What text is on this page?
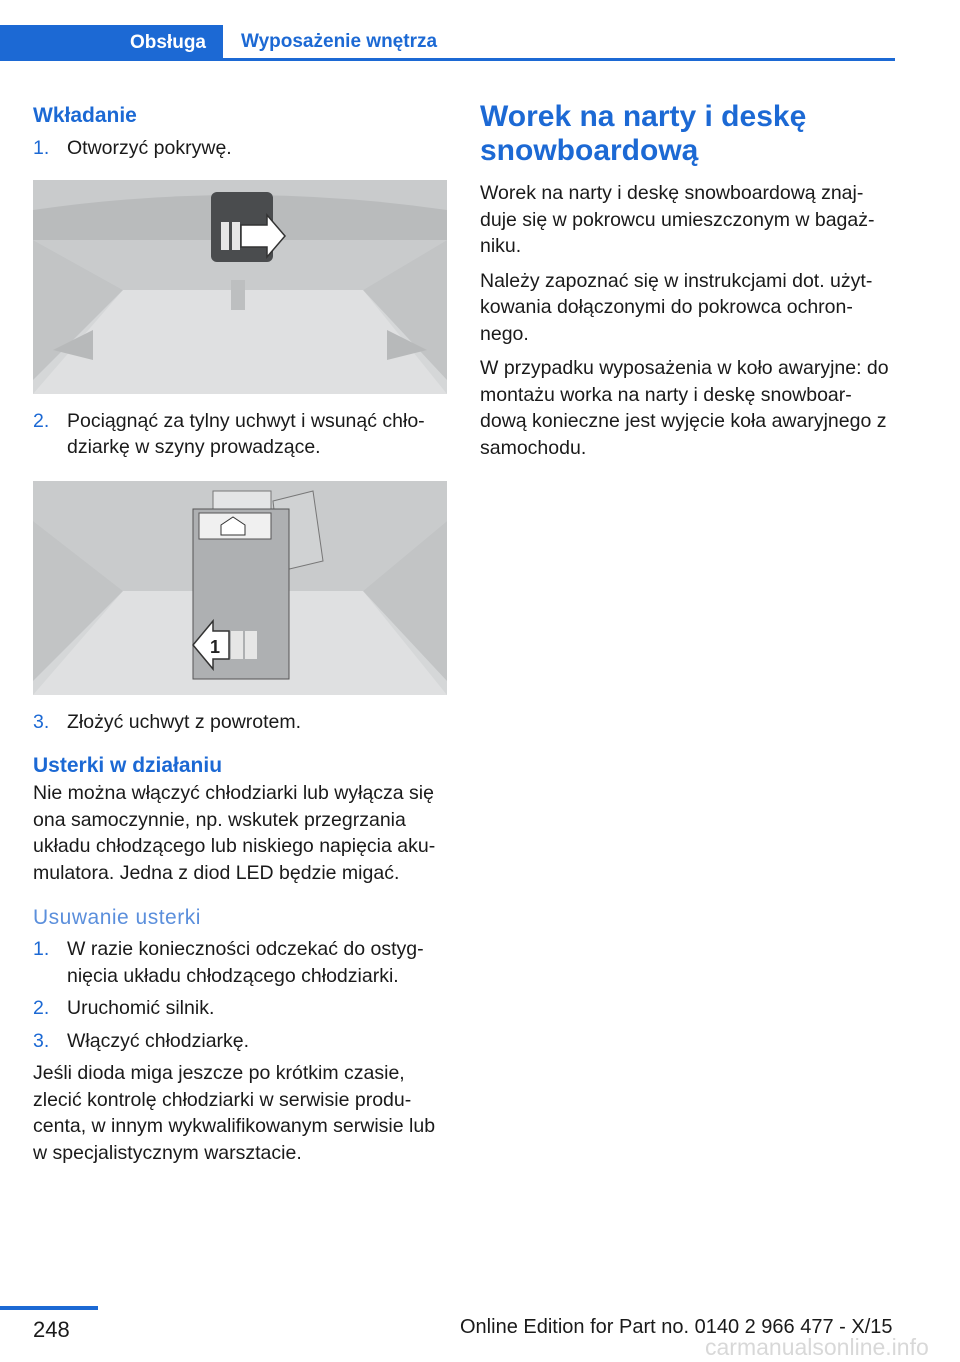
Obsługa	Wyposażenie wnętrza
Wkładanie
1. Otworzyć pokrywę.
2. Pociągnąć za tylny uchwyt i wsunąć chło‐dziarkę w szyny prowadzące.
1
3. Złożyć uchwyt z powrotem.
Usterki w działaniu

Nie można włączyć chłodziarki lub wyłącza się ona samoczynnie, np. wskutek przegrzania układu chłodzącego lub niskiego napięcia aku‐mulatora. Jedna z diod LED będzie migać.

Usuwanie usterki
1. W razie konieczności odczekać do ostyg‐nięcia układu chłodzącego chłodziarki.
2. Uruchomić silnik.
3. Włączyć chłodziarkę.

Jeśli dioda miga jeszcze po krótkim czasie, zlecić kontrolę chłodziarki w serwisie produ‐centa, w innym wykwalifikowanym serwisie lub w specjalistycznym warsztacie.

Worek na narty i deskę snowboardową

Worek na narty i deskę snowboardową znaj‐duje się w pokrowcu umieszczonym w bagaż‐niku.

Należy zapoznać się w instrukcjami dot. użyt‐kowania dołączonymi do pokrowca ochron‐nego.

W przypadku wyposażenia w koło awaryjne: do montażu worka na narty i deskę snowboar‐dową konieczne jest wyjęcie koła awaryjnego z samochodu.

248	Online Edition for Part no. 0140 2 966 477 - X/15
carmanualsonline.info
